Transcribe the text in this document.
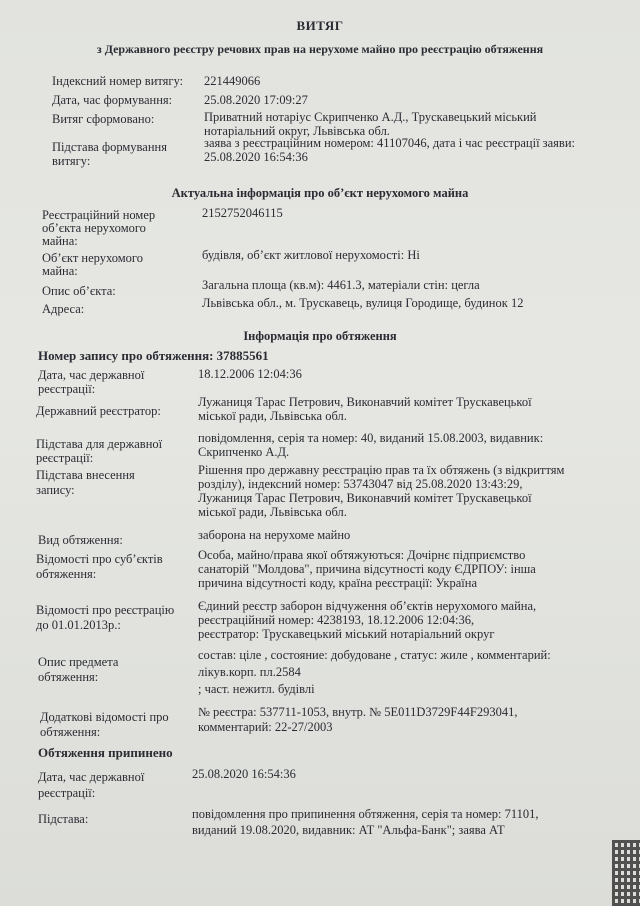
ВИТЯГ
з Державного реєстру речових прав на нерухоме майно про реєстрацію обтяження
Індексний номер витягу: 221449066
Дата, час формування:	25.08.2020 17:09:27
Витяг сформовано:	Приватний нотаріус Скрипченко А.Д., Трускавецький міський
нотаріальний округ, Львівська обл.
Підстава формування
витягу:
заява з реєстраційним номером: 41107046, дата і час реєстрації заяви:
25.08.2020 16:54:36
Актуальна інформація про об’єкт нерухомого майна
Реєстраційний номер
об’єкта нерухомого
майна:
2152752046115
Об’єкт нерухомого
майна:
будівля, об’єкт житлової нерухомості: Ні
Опис об’єкта:	Загальна площа (кв.м): 4461.3, матеріали стін: цегла
Адреса:	Львівська обл., м. Трускавець, вулиця Городище, будинок 12
Інформація про обтяження
Номер запису про обтяження: 37885561
Дата, час державної
реєстрації:
18.12.2006 12:04:36
Державний реєстратор:
Лужаниця Тарас Петрович, Виконавчий комітет Трускавецької
міської ради, Львівська обл.
Підстава для державної
реєстрації:
повідомлення, серія та номер: 40, виданий 15.08.2003, видавник:
Скрипченко А.Д.
Підстава внесення
запису:
Рішення про державну реєстрацію прав та їх обтяжень (з відкриттям
розділу), індексний номер: 53743047 від 25.08.2020 13:43:29,
Лужаниця Тарас Петрович, Виконавчий комітет Трускавецької
міської ради, Львівська обл.
Вид обтяження:	заборона на нерухоме майно
Відомості про суб’єктів
обтяження:
Особа, майно/права якої обтяжуються: Дочірнє підприємство
санаторій "Молдова", причина відсутності коду ЄДРПОУ: інша
причина відсутності коду, країна реєстрації: Україна
Відомості про реєстрацію
до 01.01.2013р.:
Єдиний реєстр заборон відчуження об’єктів нерухомого майна,
реєстраційний номер: 4238193, 18.12.2006 12:04:36,
реєстратор: Трускавецький міський нотаріальний округ
Опис предмета
обтяження:
состав: ціле , состояние: добудоване , статус: жиле , комментарий:
лікув.корп. пл.2584
; част. нежитл. будівлі
Додаткові відомості про
обтяження:
№ реєстра: 537711-1053, внутр. № 5Е011D3729F44F293041,
комментарий: 22-27/2003
Обтяження припинено
Дата, час державної
реєстрації:
25.08.2020 16:54:36
Підстава:	повідомлення про припинення обтяження, серія та номер: 71101,
виданий 19.08.2020, видавник: АТ "Альфа-Банк"; заява АТ
